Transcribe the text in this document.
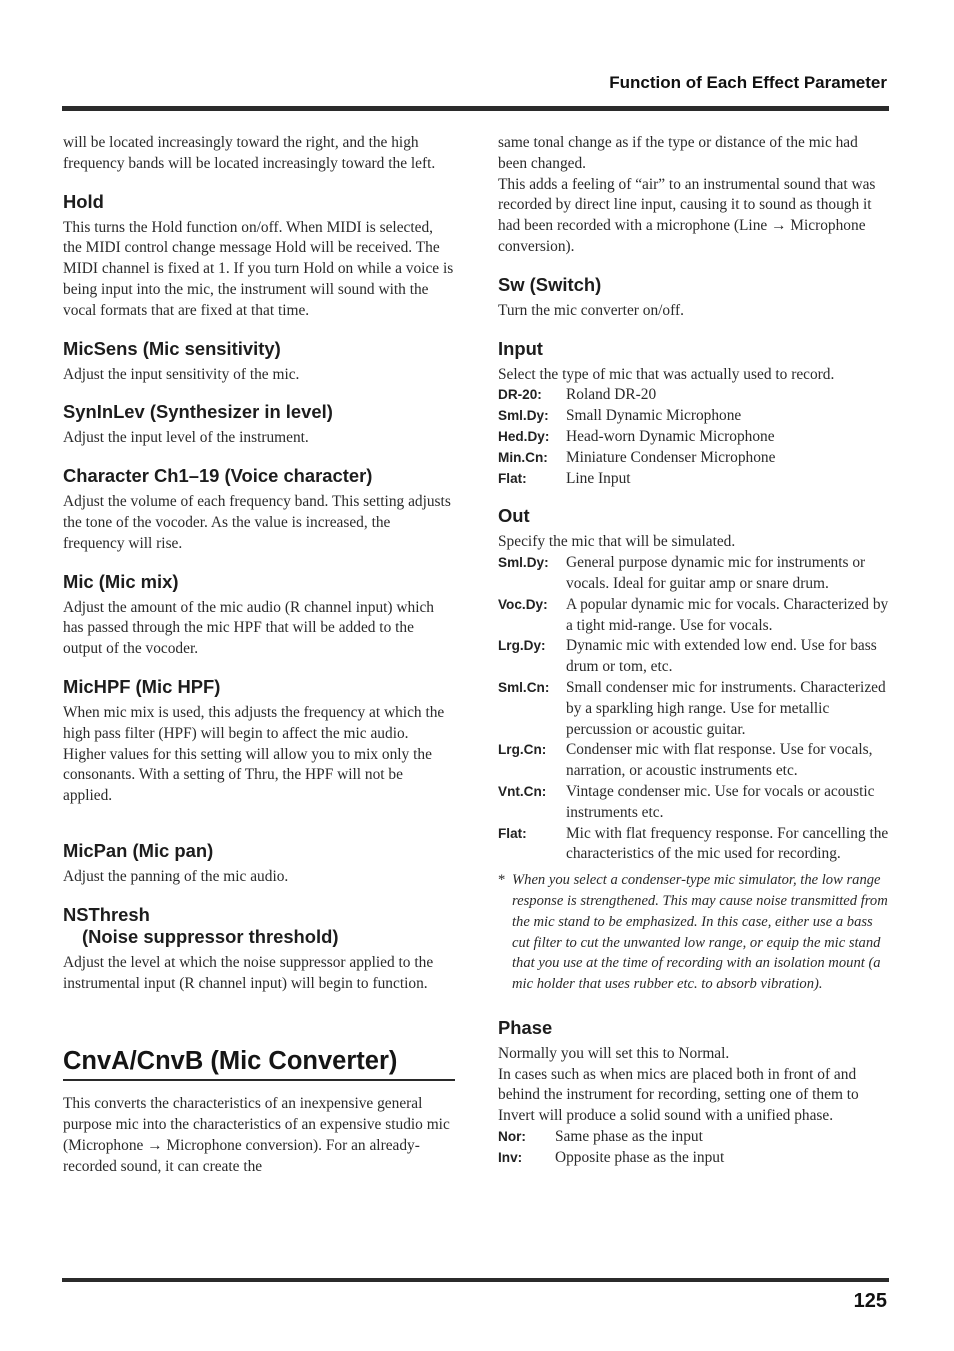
Function of Each Effect Parameter

will be located increasingly toward the right, and the high frequency bands will be located increasingly toward the left.

Hold

This turns the Hold function on/off. When MIDI is selected, the MIDI control change message Hold will be received. The MIDI channel is fixed at 1. If you turn Hold on while a voice is being input into the mic, the instrument will sound with the vocal formats that are fixed at that time.

MicSens (Mic sensitivity)

Adjust the input sensitivity of the mic.

SynInLev (Synthesizer in level)

Adjust the input level of the instrument.

Character Ch1–19 (Voice character)

Adjust the volume of each frequency band. This setting adjusts the tone of the vocoder. As the value is increased, the frequency will rise.

Mic (Mic mix)

Adjust the amount of the mic audio (R channel input) which has passed through the mic HPF that will be added to the output of the vocoder.

MicHPF (Mic HPF)

When mic mix is used, this adjusts the frequency at which the high pass filter (HPF) will begin to affect the mic audio. Higher values for this setting will allow you to mix only the consonants. With a setting of Thru, the HPF will not be applied.

MicPan (Mic pan)

Adjust the panning of the mic audio.

NSThresh
(Noise suppressor threshold)

Adjust the level at which the noise suppressor applied to the instrumental input (R channel input) will begin to function.

CnvA/CnvB (Mic Converter)

This converts the characteristics of an inexpensive general purpose mic into the characteristics of an expensive studio mic (Microphone → Microphone conversion). For an already-recorded sound, it can create the

same tonal change as if the type or distance of the mic had been changed.

This adds a feeling of “air” to an instrumental sound that was recorded by direct line input, causing it to sound as though it had been recorded with a microphone (Line → Microphone conversion).

Sw (Switch)

Turn the mic converter on/off.

Input

Select the type of mic that was actually used to record.

DR-20:	Roland DR-20
Sml.Dy:	Small Dynamic Microphone
Hed.Dy:	Head-worn Dynamic Microphone
Min.Cn:	Miniature Condenser Microphone
Flat:	Line Input
Out

Specify the mic that will be simulated.

Sml.Dy:	General purpose dynamic mic for instruments or vocals. Ideal for guitar amp or snare drum.
Voc.Dy:	A popular dynamic mic for vocals. Characterized by a tight mid-range. Use for vocals.
Lrg.Dy:	Dynamic mic with extended low end. Use for bass drum or tom, etc.
Sml.Cn:	Small condenser mic for instruments. Characterized by a sparkling high range. Use for metallic percussion or acoustic guitar.
Lrg.Cn:	Condenser mic with flat response. Use for vocals, narration, or acoustic instruments etc.
Vnt.Cn:	Vintage condenser mic. Use for vocals or acoustic instruments etc.
Flat:	Mic with flat frequency response. For cancelling the characteristics of the mic used for recording.
* When you select a condenser-type mic simulator, the low range response is strengthened. This may cause noise transmitted from the mic stand to be emphasized. In this case, either use a bass cut filter to cut the unwanted low range, or equip the mic stand that you use at the time of recording with an isolation mount (a mic holder that uses rubber etc. to absorb vibration).
Phase

Normally you will set this to Normal.

In cases such as when mics are placed both in front of and behind the instrument for recording, setting one of them to Invert will produce a solid sound with a unified phase.

Nor:	Same phase as the input
Inv:	Opposite phase as the input
125
